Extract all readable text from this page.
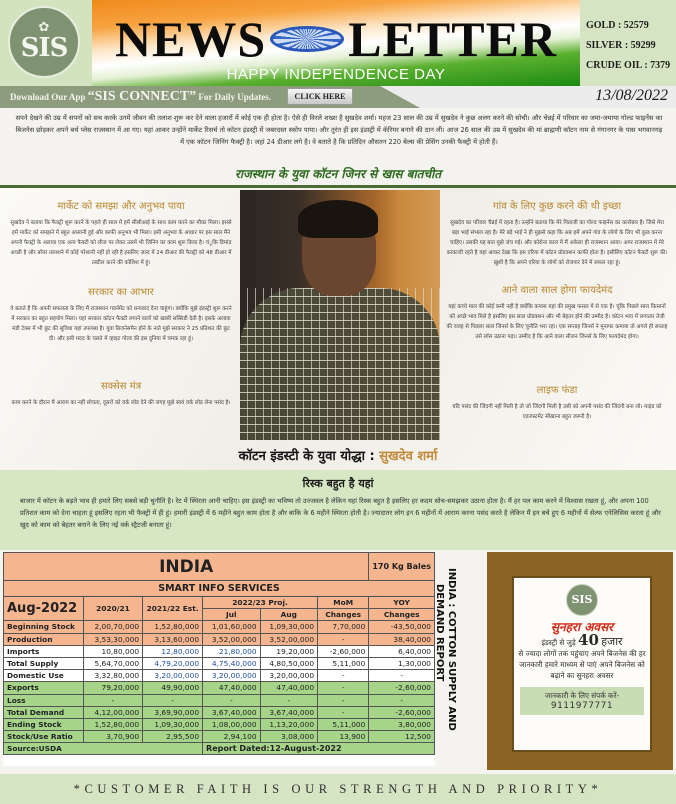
✿
SIS NEWS LETTER
HAPPY INDEPENDENCE DAY
GOLD : 52579
SILVER : 59299
CRUDE OIL : 7379
Download Our App “SIS CONNECT” For Daily Updates.	CLICK HERE	13/08/2022
सपने देखने की उम्र में सपनों को सच करके उनमें जीवन की तलाश शुरू कर देने वाला हजारों में कोई एक ही होता है। ऐसे ही विरले शख्श है सुखदेव शर्मा। महज 23 साल की उम्र में सुखदेव ने कुछ अलग करने की सोची। और चेन्नई में परिवार का जमा-जमाया गोल्ड फाइनेंस का बिजनेस छोड़कर अपने बर्थ प्लेस राजस्थान में आ गए। यहां आकर उन्होंने मार्केट रिसर्च तो कॉटन इंडस्ट्री में जबरदस्त स्कोप पाया। और तुरंत ही इस इंडस्ट्री में कॅरियर बनाने की ठान ली। आज 26 साल की उम्र में सुखदेव की मां ब्राह्मणी कॉटन नाम से गंगानगर के पास भगवानगढ़ में एक कॉटन जिनिंग फैक्ट्री है। जहां 24 डीआर लगे है। वे बताते है कि प्रतिदिन औसतन 220 बेल्स की प्रेसिंग उनकी फैक्ट्री में होती हैं।
राजस्थान के युवा कॉटन जिनर से खास बातचीत
मार्केट को समझा और अनुभव पाया
सुखदेव ने बताया कि फैक्ट्री शुरू करने के पहले ही साल में हमें सीसीआई के साथ काम करने का मौका मिला। इससे हमें मार्केट को समझने में बहुत आसानी हुई और काफी अनुभव भी मिला। इसी अनुभव के आधार पर इस साल मैंने अपनी फैक्ट्री के अलावा एक अन्य फैक्टी को लीज पर लेकर उसमें भी जिनिंग का काम शुरू किया है। चंूकि डिमांड अच्छी है और बाॅयर तलाशने में कोई परेशानी नहीं हो रही है इसलिए जल्द में 24 डीआर की फैक्ट्री को 48 डीआर में तब्दील करने की कोशिश में हूं।
सरकार का आभार
वे बताते हैं कि अपनी सफलता के लिए मैं राजस्थान गवर्नमेंट को धन्यवाद देना चाहूंगा। क्योंकि मुझे इंडस्ट्री शुरू करने में सरकार का बहुत सहयोग मिला। यहां सरकार कॉटन फैक्टी लगाने वालों को खासी सब्सिडी देती है। इसके अलावा मंडी टेक्स में भी छूट की सुविधा यहां उपलब्ध है। युवा बिजनेसमैन होने के नाते मुझे सरकार ने 25 प्रतिशत की छूट दी। और इसी मदद के चलते में व्हाइट गोल्ड की इस दुनिया में चमक रहा हूं।
सक्सेस मंत्र
काम करने के दौरान मैं आराम का नहीं सोचता, दूसरों को वर्क लोड देने की जगह मुझे स्वयं वर्क लोड लेना पसंद है।
गांव के लिए कुछ करने की थी इच्छा
सुखदेव का परिवार चैन्नई में रहता है। उन्होंने बताया कि मेरे पिताजी का गोल्ड फाइनेंस का कारोबार है। जिसे मेरा बड़ा भाई संभाल रहा है। मेरे बड़े भाई ने ही मुझसे कहा कि अब हमें अपने गांव के लोगों के लिए भी कुछ करना चाहिए। उसकी यह बात मुझे जंच गई। और कोरोना काल में मैं अकेला ही राजस्थान आया। अपर राजस्थान में मेरे काकाजी रहते है यहां आकर देखा कि इस एरिया में कॉटन प्रोडक्शन काफी होता है। इसीलिए कॉटन फैक्टी शुरू की। खुशी है कि अपने एरिया के लोगों को रोजगार देने में सफल रहा हूं।
आने वाला साल होगा फायदेमंद
यहां कच्चे माल की कोई कमी नहीं है क्योंकि कपास यहां की प्रमुख फसल में से एक है। चूंकि पिछले साल किसानों को अच्छे भाव मिले है इसलिए इस साल प्रोडक्शन और भी बेहतर होने की उम्मीद है। कॉटन भाव में लगातार तेजी की वजह से पिछला साल जिनर्स के लिए चुनौति भरा रहा। एक सप्ताह जिनर्स ने मुनाफा कमाया तो अगले ही सप्ताह उसे लॉस उठाना पड़ा। उम्मीद है कि आने वाला सीजन जिनर्स के लिए फायदेमंद होगा।
लाइफ फंडा
यदि पसंद की जिंदगी नहीं मिली है तो जो जिंदगी मिली है उसी को अपनी पसंद की जिंदगी बना लो। माइंड को एडजस्टमेंट सीखाना बहुत जरूरी है।
कॉटन इंडस्टी के युवा योद्धा : सुखदेव शर्मा
रिस्क बहुत है यहां
बाजार में कॉटन के बढ़ते भाव ही हमारे लिए सबसे बड़ी चुनौति है। रेट में स्थिरता आनी चाहिए। इस इंडस्ट्री का भविष्य तो उज्जवल है लेकिन यहां रिस्क बहुत है इसलिए हर कदम सोच-समझकर उठाना होता है। मैं हर पल काम करने में विश्वास रखता हूं, और अपना 100 प्रतिशत काम को देना चाहता हूं इसलिए रहता भी फैक्ट्री में ही हूं। हमारी इंडस्ट्री में 6 महीने बहुत काम होता है और बाकि के 6 महीने स्थिरता होती है। ज्यादातर लोग इन 6 महीनों में आराम करना पसंद करते है लेकिन मैं इन बचे हुए 6 महीनों में सेल्फ एनेलिसिस करता हूं और खुद को काम को बेहतर बनाने के लिए नई वर्क स्ट्रैटजी बनाता हूं।
INDIA						170 Kg Bales
SMART INFO SERVICES						
Aug-2022	2020/21	2021/22 Est.	2022/23 Proj.		MoM	YOY
			Jul	Aug	Changes	Changes
Beginning Stock	2,00,70,000	1,52,80,000	1,01,60,000	1,09,30,000	7,70,000	-43,50,000
Production	3,53,30,000	3,13,60,000	3,52,00,000	3,52,00,000	-	38,40,000
Imports	10,80,000	12,80,000	21,80,000	19,20,000	-2,60,000	6,40,000
Total Supply	5,64,70,000	4,79,20,000	4,75,40,000	4,80,50,000	5,11,000	1,30,000
Domestic Use	3,32,80,000	3,20,00,000	3,20,00,000	3,20,00,000	-	-
Exports	79,20,000	49,90,000	47,40,000	47,40,000	-	-2,60,000
Loss	-	-	-	-	-	-
Total Demand	4,12,00,000	3,69,90,000	3,67,40,000	3,67,40,000	-	-2,60,000
Ending Stock	1,52,80,000	1,09,30,000	1,08,00,000	1,13,20,000	5,11,000	3,80,000
Stock/Use Ratio	3,70,900	2,95,500	2,94,100	3,08,000	13,900	12,500
Source:USDA			Report Dated:12-August-2022			
INDIA : COTTON SUPPLY AND
DEMAND REPORT	SIS
सुनहरा अवसर
इंडस्ट्री से जुड़े 40 हजार
से ज्यादा लोगों तक पहुंचाए अपने बिजनेस की हर जानकारी हमारे माध्यम से पाएं अपने बिजनेस को बढ़ाने का सुनहरा अवसर
जानकारी के लिए संपर्क करें-
9111977771
*CUSTOMER FAITH IS OUR STRENGTH AND PRIORITY*
